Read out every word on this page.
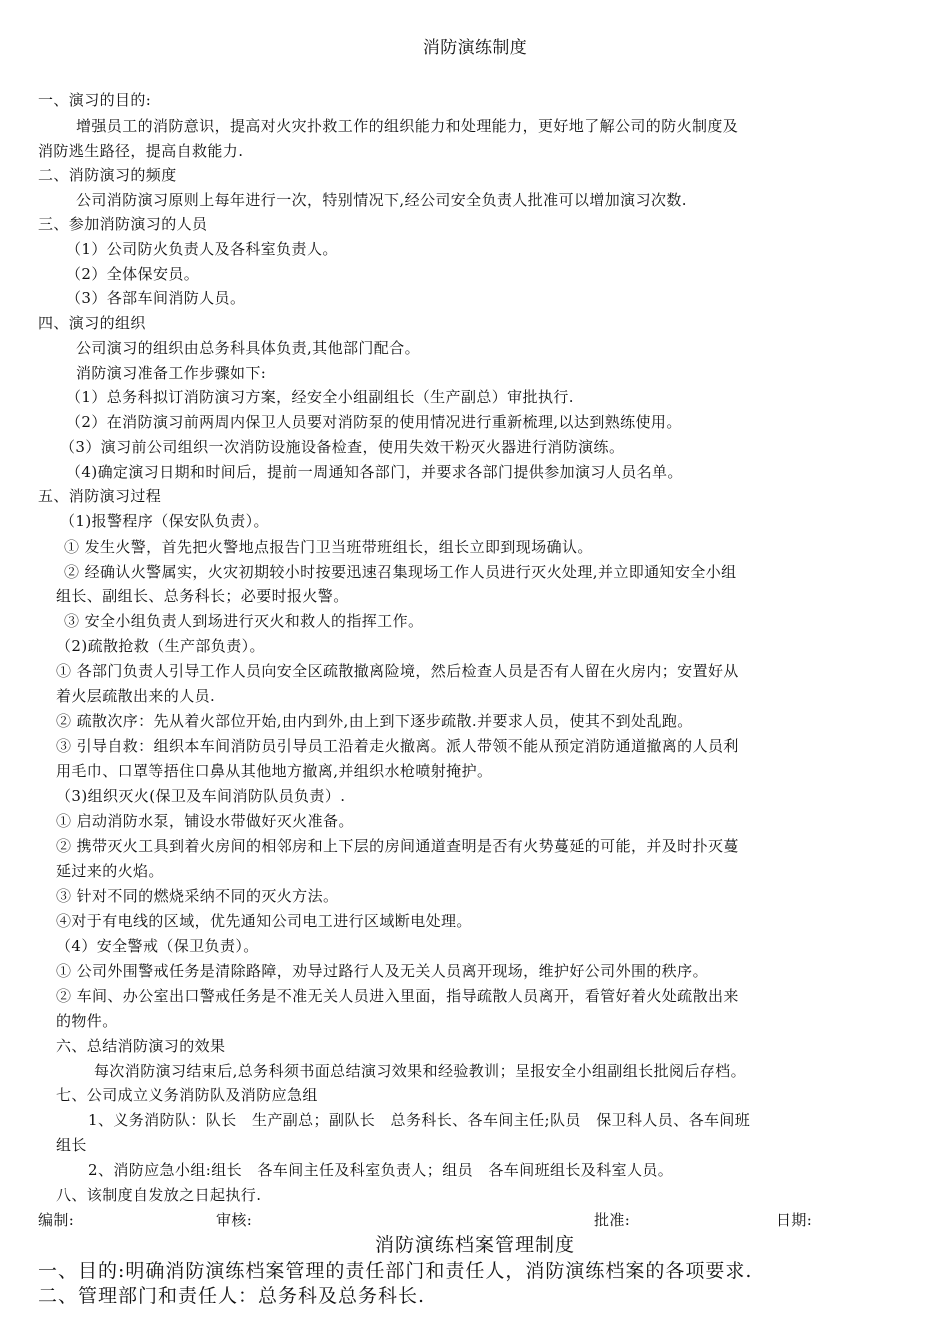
消防演练制度
一、演习的目的:
增强员工的消防意识，提高对火灾扑救工作的组织能力和处理能力，更好地了解公司的防火制度及
消防逃生路径，提高自救能力.
二、消防演习的频度
公司消防演习原则上每年进行一次，特别情况下,经公司安全负责人批准可以增加演习次数.
三、参加消防演习的人员
（1）公司防火负责人及各科室负责人。
（2）全体保安员。
（3）各部车间消防人员。
四、演习的组织
公司演习的组织由总务科具体负责,其他部门配合。
消防演习准备工作步骤如下:
（1）总务科拟订消防演习方案，经安全小组副组长（生产副总）审批执行.
（2）在消防演习前两周内保卫人员要对消防泵的使用情况进行重新梳理,以达到熟练使用。
（3）演习前公司组织一次消防设施设备检查，使用失效干粉灭火器进行消防演练。
（4)确定演习日期和时间后，提前一周通知各部门，并要求各部门提供参加演习人员名单。
五、消防演习过程
（1)报警程序（保安队负责）。
① 发生火警，首先把火警地点报告门卫当班带班组长，组长立即到现场确认。
② 经确认火警属实，火灾初期较小时按要迅速召集现场工作人员进行灭火处理,并立即通知安全小组
组长、副组长、总务科长；必要时报火警。
③ 安全小组负责人到场进行灭火和救人的指挥工作。
（2)疏散抢救（生产部负责）。
① 各部门负责人引导工作人员向安全区疏散撤离险境，然后检查人员是否有人留在火房内；安置好从
着火层疏散出来的人员.
② 疏散次序：先从着火部位开始,由内到外,由上到下逐步疏散.并要求人员，使其不到处乱跑。
③ 引导自救：组织本车间消防员引导员工沿着走火撤离。派人带领不能从预定消防通道撤离的人员利
用毛巾、口罩等捂住口鼻从其他地方撤离,并组织水枪喷射掩护。
（3)组织灭火(保卫及车间消防队员负责）.
① 启动消防水泵，铺设水带做好灭火准备。
② 携带灭火工具到着火房间的相邻房和上下层的房间通道查明是否有火势蔓延的可能，并及时扑灭蔓
延过来的火焰。
③ 针对不同的燃烧采纳不同的灭火方法。
④对于有电线的区域，优先通知公司电工进行区域断电处理。
（4）安全警戒（保卫负责）。
① 公司外围警戒任务是清除路障，劝导过路行人及无关人员离开现场，维护好公司外围的秩序。
② 车间、办公室出口警戒任务是不准无关人员进入里面，指导疏散人员离开，看管好着火处疏散出来
的物件。
六、总结消防演习的效果
每次消防演习结束后,总务科须书面总结演习效果和经验教训；呈报安全小组副组长批阅后存档。
七、公司成立义务消防队及消防应急组
1、义务消防队：队长　生产副总；副队长　总务科长、各车间主任;队员　保卫科人员、各车间班
组长
2、消防应急小组:组长　各车间主任及科室负责人；组员　各车间班组长及科室人员。
八、该制度自发放之日起执行.
编制:	审核:	批准:	日期:
消防演练档案管理制度
一、目的:明确消防演练档案管理的责任部门和责任人，消防演练档案的各项要求.
二、管理部门和责任人：总务科及总务科长.
